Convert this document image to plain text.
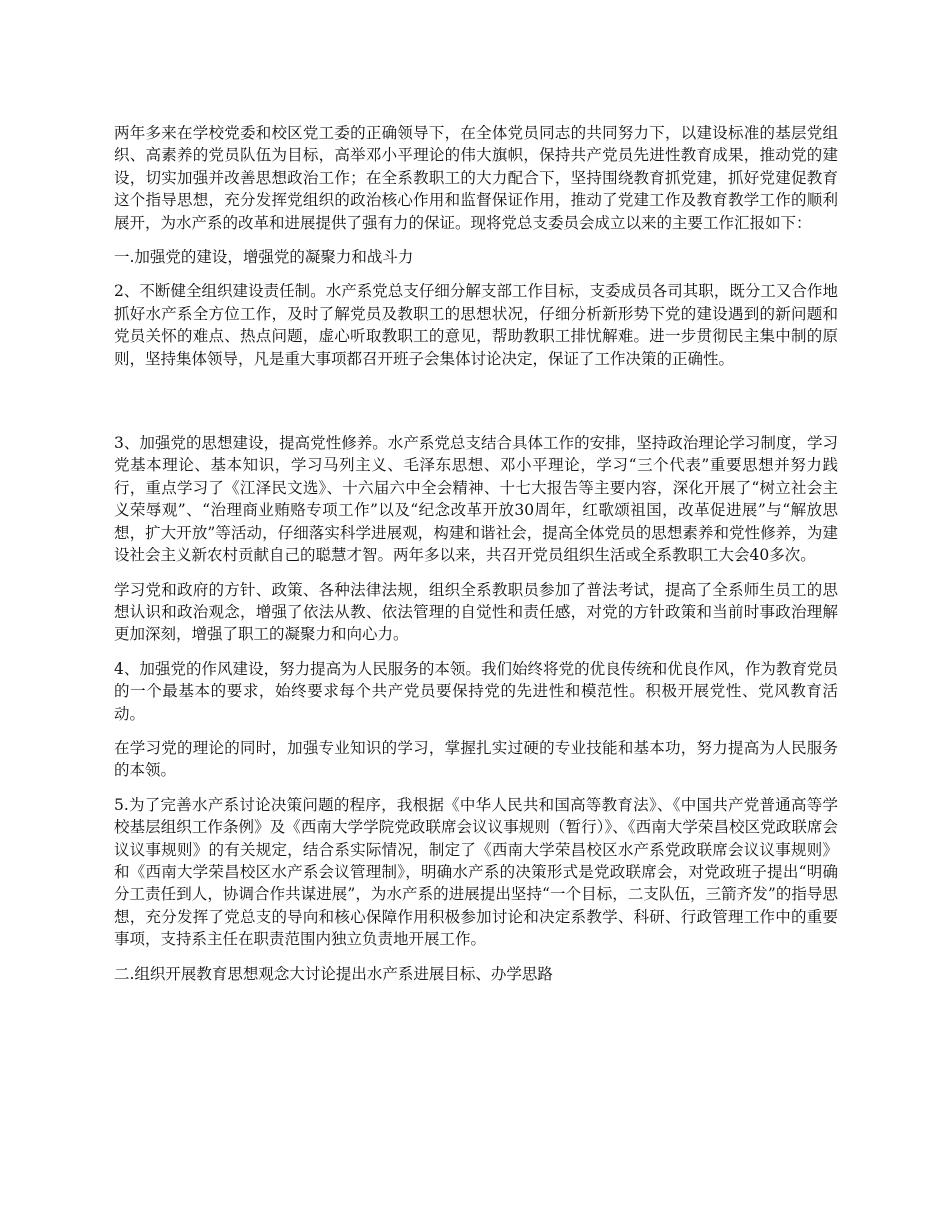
两年多来在学校党委和校区党工委的正确领导下，在全体党员同志的共同努力下，以建设标准的基层党组织、高素养的党员队伍为目标，高举邓小平理论的伟大旗帜，保持共产党员先进性教育成果，推动党的建设，切实加强并改善思想政治工作；在全系教职工的大力配合下，坚持围绕教育抓党建，抓好党建促教育这个指导思想，充分发挥党组织的政治核心作用和监督保证作用，推动了党建工作及教育教学工作的顺利展开，为水产系的改革和进展提供了强有力的保证。现将党总支委员会成立以来的主要工作汇报如下：

一.加强党的建设，增强党的凝聚力和战斗力

2、不断健全组织建设责任制。水产系党总支仔细分解支部工作目标，支委成员各司其职，既分工又合作地抓好水产系全方位工作，及时了解党员及教职工的思想状况，仔细分析新形势下党的建设遇到的新问题和党员关怀的难点、热点问题，虚心听取教职工的意见，帮助教职工排忧解难。进一步贯彻民主集中制的原则，坚持集体领导，凡是重大事项都召开班子会集体讨论决定，保证了工作决策的正确性。

3、加强党的思想建设，提高党性修养。水产系党总支结合具体工作的安排，坚持政治理论学习制度，学习党基本理论、基本知识，学习马列主义、毛泽东思想、邓小平理论，学习“三个代表”重要思想并努力践行，重点学习了《江泽民文选》、十六届六中全会精神、十七大报告等主要内容，深化开展了“树立社会主义荣辱观”、“治理商业贿赂专项工作”以及“纪念改革开放30周年，红歌颂祖国，改革促进展”与“解放思想，扩大开放”等活动，仔细落实科学进展观，构建和谐社会，提高全体党员的思想素养和党性修养，为建设社会主义新农村贡献自己的聪慧才智。两年多以来，共召开党员组织生活或全系教职工大会40多次。

学习党和政府的方针、政策、各种法律法规，组织全系教职员参加了普法考试，提高了全系师生员工的思想认识和政治观念，增强了依法从教、依法管理的自觉性和责任感，对党的方针政策和当前时事政治理解更加深刻，增强了职工的凝聚力和向心力。

4、加强党的作风建设，努力提高为人民服务的本领。我们始终将党的优良传统和优良作风，作为教育党员的一个最基本的要求，始终要求每个共产党员要保持党的先进性和模范性。积极开展党性、党风教育活动。

在学习党的理论的同时，加强专业知识的学习，掌握扎实过硬的专业技能和基本功，努力提高为人民服务的本领。

5.为了完善水产系讨论决策问题的程序，我根据《中华人民共和国高等教育法》、《中国共产党普通高等学校基层组织工作条例》及《西南大学学院党政联席会议议事规则（暂行）》、《西南大学荣昌校区党政联席会议议事规则》的有关规定，结合系实际情况，制定了《西南大学荣昌校区水产系党政联席会议议事规则》和《西南大学荣昌校区水产系会议管理制》，明确水产系的决策形式是党政联席会，对党政班子提出“明确分工责任到人，协调合作共谋进展”，为水产系的进展提出坚持“一个目标，二支队伍，三箭齐发”的指导思想，充分发挥了党总支的导向和核心保障作用积极参加讨论和决定系教学、科研、行政管理工作中的重要事项，支持系主任在职责范围内独立负责地开展工作。

二.组织开展教育思想观念大讨论提出水产系进展目标、办学思路
